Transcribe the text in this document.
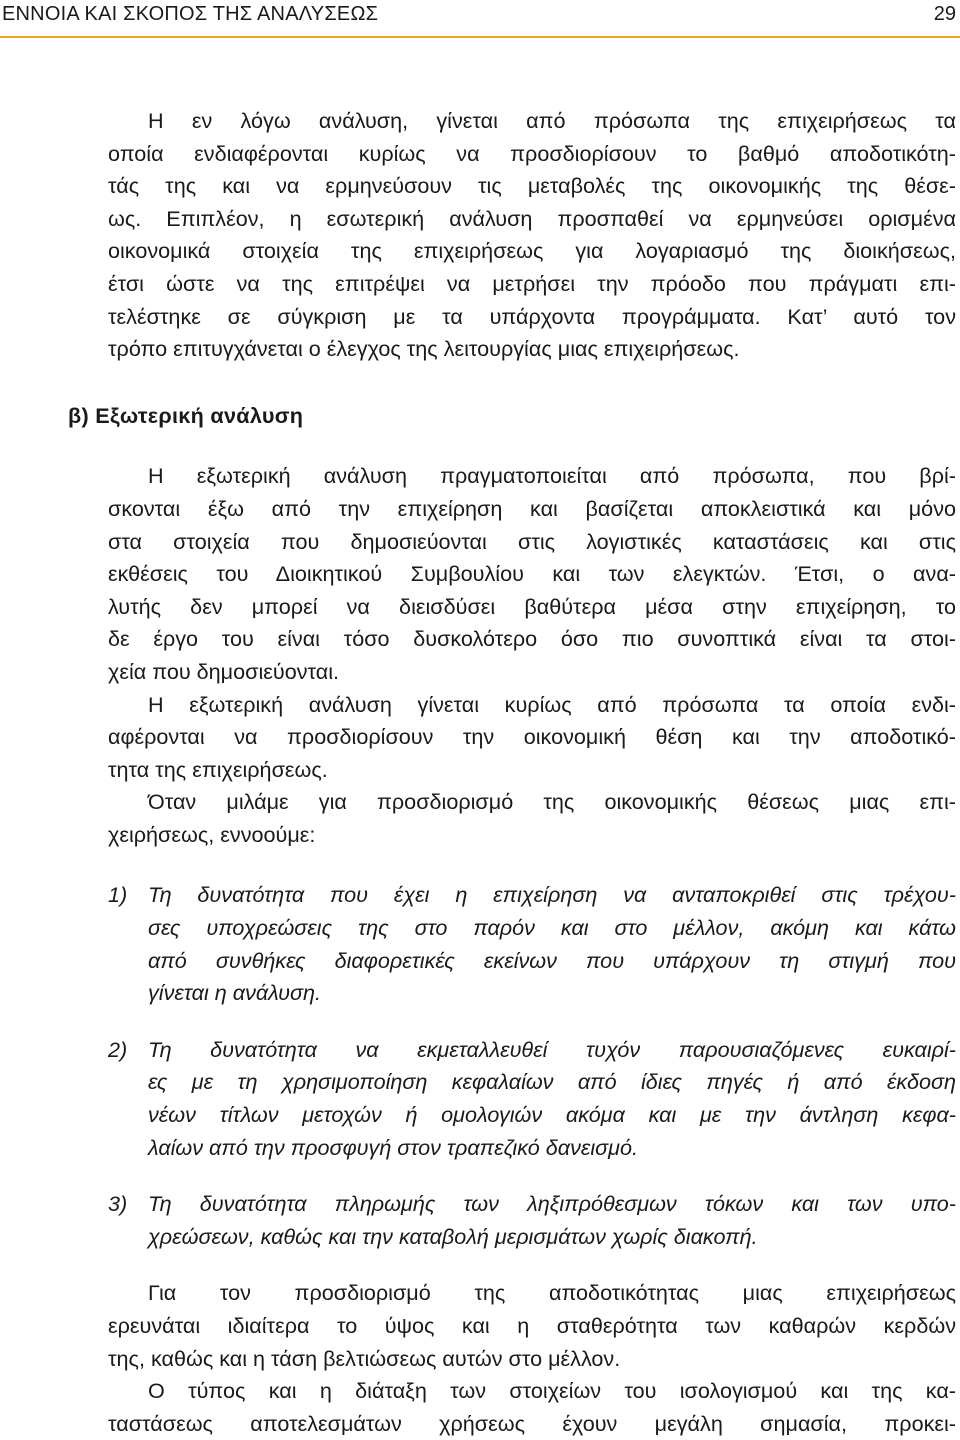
ΕΝΝΟΙΑ ΚΑΙ ΣΚΟΠΟΣ ΤΗΣ ΑΝΑΛΥΣΕΩΣ	29
Η εν λόγω ανάλυση, γίνεται από πρόσωπα της επιχειρήσεως τα
οποία ενδιαφέρονται κυρίως να προσδιορίσουν το βαθμό αποδοτικότη-
τάς της και να ερμηνεύσουν τις μεταβολές της οικονομικής της θέσε-
ως. Επιπλέον, η εσωτερική ανάλυση προσπαθεί να ερμηνεύσει ορισμένα
οικονομικά στοιχεία της επιχειρήσεως για λογαριασμό της διοικήσεως,
έτσι ώστε να της επιτρέψει να μετρήσει την πρόοδο που πράγματι επι-
τελέστηκε σε σύγκριση με τα υπάρχοντα προγράμματα. Κατ’ αυτό τον
τρόπο επιτυγχάνεται ο έλεγχος της λειτουργίας μιας επιχειρήσεως.
β) Εξωτερική ανάλυση
Η εξωτερική ανάλυση πραγματοποιείται από πρόσωπα, που βρί-
σκονται έξω από την επιχείρηση και βασίζεται αποκλειστικά και μόνο
στα στοιχεία που δημοσιεύονται στις λογιστικές καταστάσεις και στις
εκθέσεις του Διοικητικού Συμβουλίου και των ελεγκτών. Έτσι, ο ανα-
λυτής δεν μπορεί να διεισδύσει βαθύτερα μέσα στην επιχείρηση, το
δε έργο του είναι τόσο δυσκολότερο όσο πιο συνοπτικά είναι τα στοι-
χεία που δημοσιεύονται.
Η εξωτερική ανάλυση γίνεται κυρίως από πρόσωπα τα οποία ενδι-
αφέρονται να προσδιορίσουν την οικονομική θέση και την αποδοτικό-
τητα της επιχειρήσεως.
Όταν μιλάμε για προσδιορισμό της οικονομικής θέσεως μιας επι-
χειρήσεως, εννοούμε:
1) Τη δυνατότητα που έχει η επιχείρηση να ανταποκριθεί στις τρέχου-
σες υποχρεώσεις της στο παρόν και στο μέλλον, ακόμη και κάτω
από συνθήκες διαφορετικές εκείνων που υπάρχουν τη στιγμή που
γίνεται η ανάλυση.
2) Τη δυνατότητα να εκμεταλλευθεί τυχόν παρουσιαζόμενες ευκαιρί-
ες με τη χρησιμοποίηση κεφαλαίων από ίδιες πηγές ή από έκδοση
νέων τίτλων μετοχών ή ομολογιών ακόμα και με την άντληση κεφα-
λαίων από την προσφυγή στον τραπεζικό δανεισμό.
3) Τη δυνατότητα πληρωμής των ληξιπρόθεσμων τόκων και των υπο-
χρεώσεων, καθώς και την καταβολή μερισμάτων χωρίς διακοπή.
Για τον προσδιορισμό της αποδοτικότητας μιας επιχειρήσεως
ερευνάται ιδιαίτερα το ύψος και η σταθερότητα των καθαρών κερδών
της, καθώς και η τάση βελτιώσεως αυτών στο μέλλον.
Ο τύπος και η διάταξη των στοιχείων του ισολογισμού και της κα-
ταστάσεως αποτελεσμάτων χρήσεως έχουν μεγάλη σημασία, προκει-
